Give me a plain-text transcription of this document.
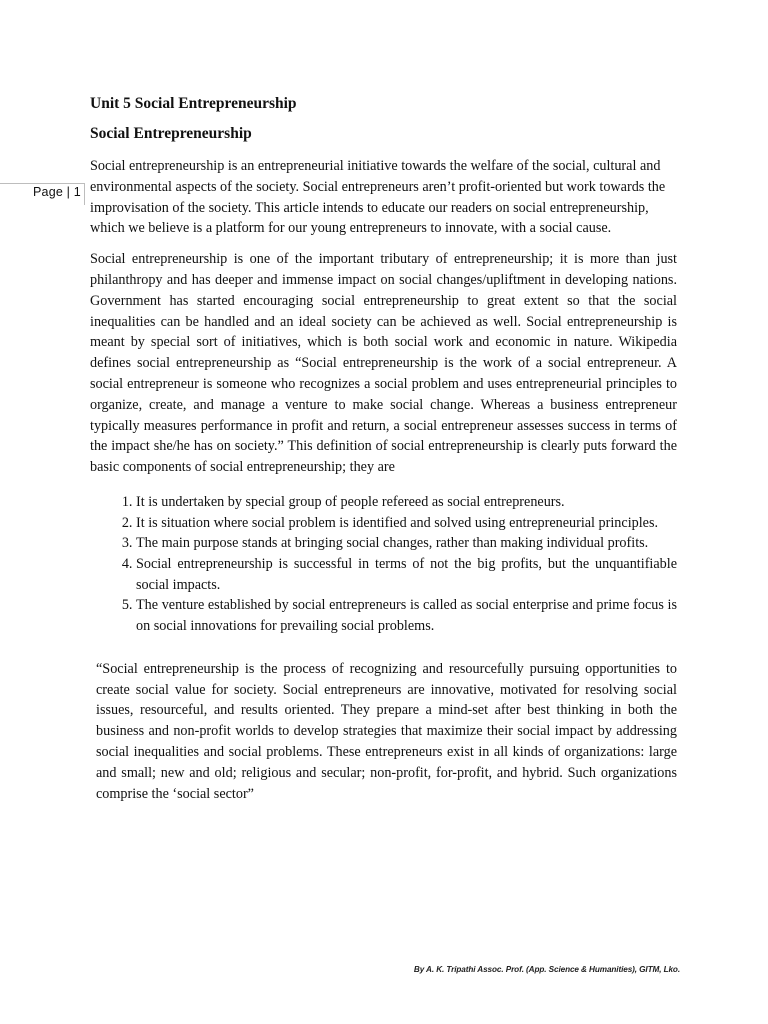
Page | 1
Unit 5 Social Entrepreneurship
Social Entrepreneurship

Social entrepreneurship is an entrepreneurial initiative towards the welfare of the social, cultural and environmental aspects of the society. Social entrepreneurs aren’t profit-oriented but work towards the improvisation of the society. This article intends to educate our readers on social entrepreneurship, which we believe is a platform for our young entrepreneurs to innovate, with a social cause.

Social entrepreneurship is one of the important tributary of entrepreneurship; it is more than just philanthropy and has deeper and immense impact on social changes/upliftment in developing nations. Government has started encouraging social entrepreneurship to great extent so that the social inequalities can be handled and an ideal society can be achieved as well. Social entrepreneurship is meant by special sort of initiatives, which is both social work and economic in nature. Wikipedia defines social entrepreneurship as “Social entrepreneurship is the work of a social entrepreneur. A social entrepreneur is someone who recognizes a social problem and uses entrepreneurial principles to organize, create, and manage a venture to make social change. Whereas a business entrepreneur typically measures performance in profit and return, a social entrepreneur assesses success in terms of the impact she/he has on society.” This definition of social entrepreneurship is clearly puts forward the basic components of social entrepreneurship; they are

1. It is undertaken by special group of people refereed as social entrepreneurs.
2. It is situation where social problem is identified and solved using entrepreneurial principles.
3. The main purpose stands at bringing social changes, rather than making individual profits.
4. Social entrepreneurship is successful in terms of not the big profits, but the unquantifiable social impacts.
5. The venture established by social entrepreneurs is called as social enterprise and prime focus is on social innovations for prevailing social problems.

“Social entrepreneurship is the process of recognizing and resourcefully pursuing opportunities to create social value for society. Social entrepreneurs are innovative, motivated for resolving social issues, resourceful, and results oriented. They prepare a mind-set after best thinking in both the business and non-profit worlds to develop strategies that maximize their social impact by addressing social inequalities and social problems. These entrepreneurs exist in all kinds of organizations: large and small; new and old; religious and secular; non-profit, for-profit, and hybrid. Such organizations comprise the ‘social sector”

By A. K. Tripathi Assoc. Prof. (App. Science & Humanities), GITM, Lko.
